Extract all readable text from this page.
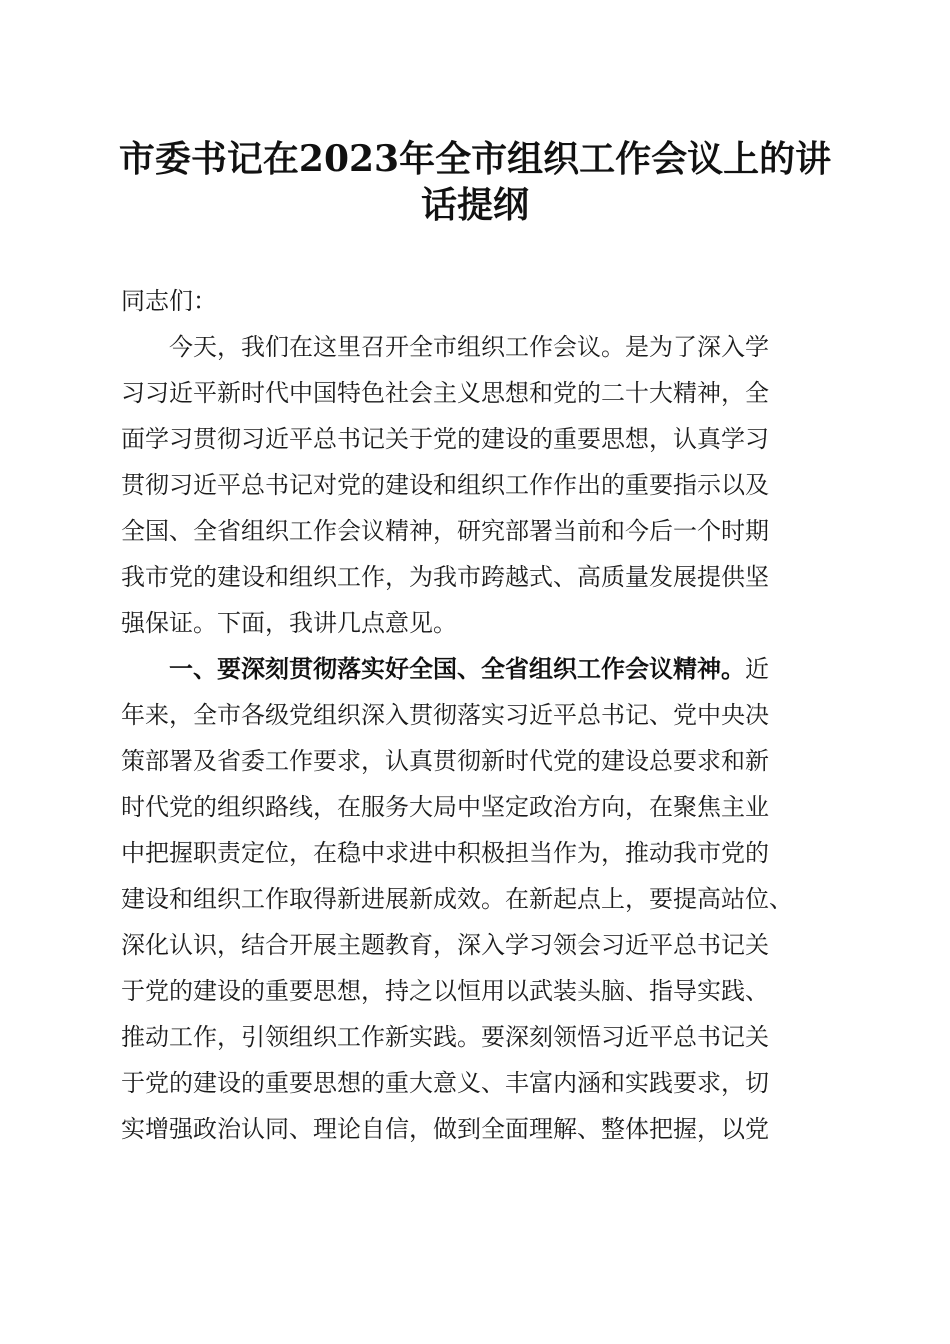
市委书记在2023年全市组织工作会议上的讲
话提纲
同志们：
今天，我们在这里召开全市组织工作会议。是为了深入学
习习近平新时代中国特色社会主义思想和党的二十大精神，全
面学习贯彻习近平总书记关于党的建设的重要思想，认真学习
贯彻习近平总书记对党的建设和组织工作作出的重要指示以及
全国、全省组织工作会议精神，研究部署当前和今后一个时期
我市党的建设和组织工作，为我市跨越式、高质量发展提供坚
强保证。下面，我讲几点意见。
一、要深刻贯彻落实好全国、全省组织工作会议精神。近
年来，全市各级党组织深入贯彻落实习近平总书记、党中央决
策部署及省委工作要求，认真贯彻新时代党的建设总要求和新
时代党的组织路线，在服务大局中坚定政治方向，在聚焦主业
中把握职责定位，在稳中求进中积极担当作为，推动我市党的
建设和组织工作取得新进展新成效。在新起点上，要提高站位、
深化认识，结合开展主题教育，深入学习领会习近平总书记关
于党的建设的重要思想，持之以恒用以武装头脑、指导实践、
推动工作，引领组织工作新实践。要深刻领悟习近平总书记关
于党的建设的重要思想的重大意义、丰富内涵和实践要求，切
实增强政治认同、理论自信，做到全面理解、整体把握，以党
